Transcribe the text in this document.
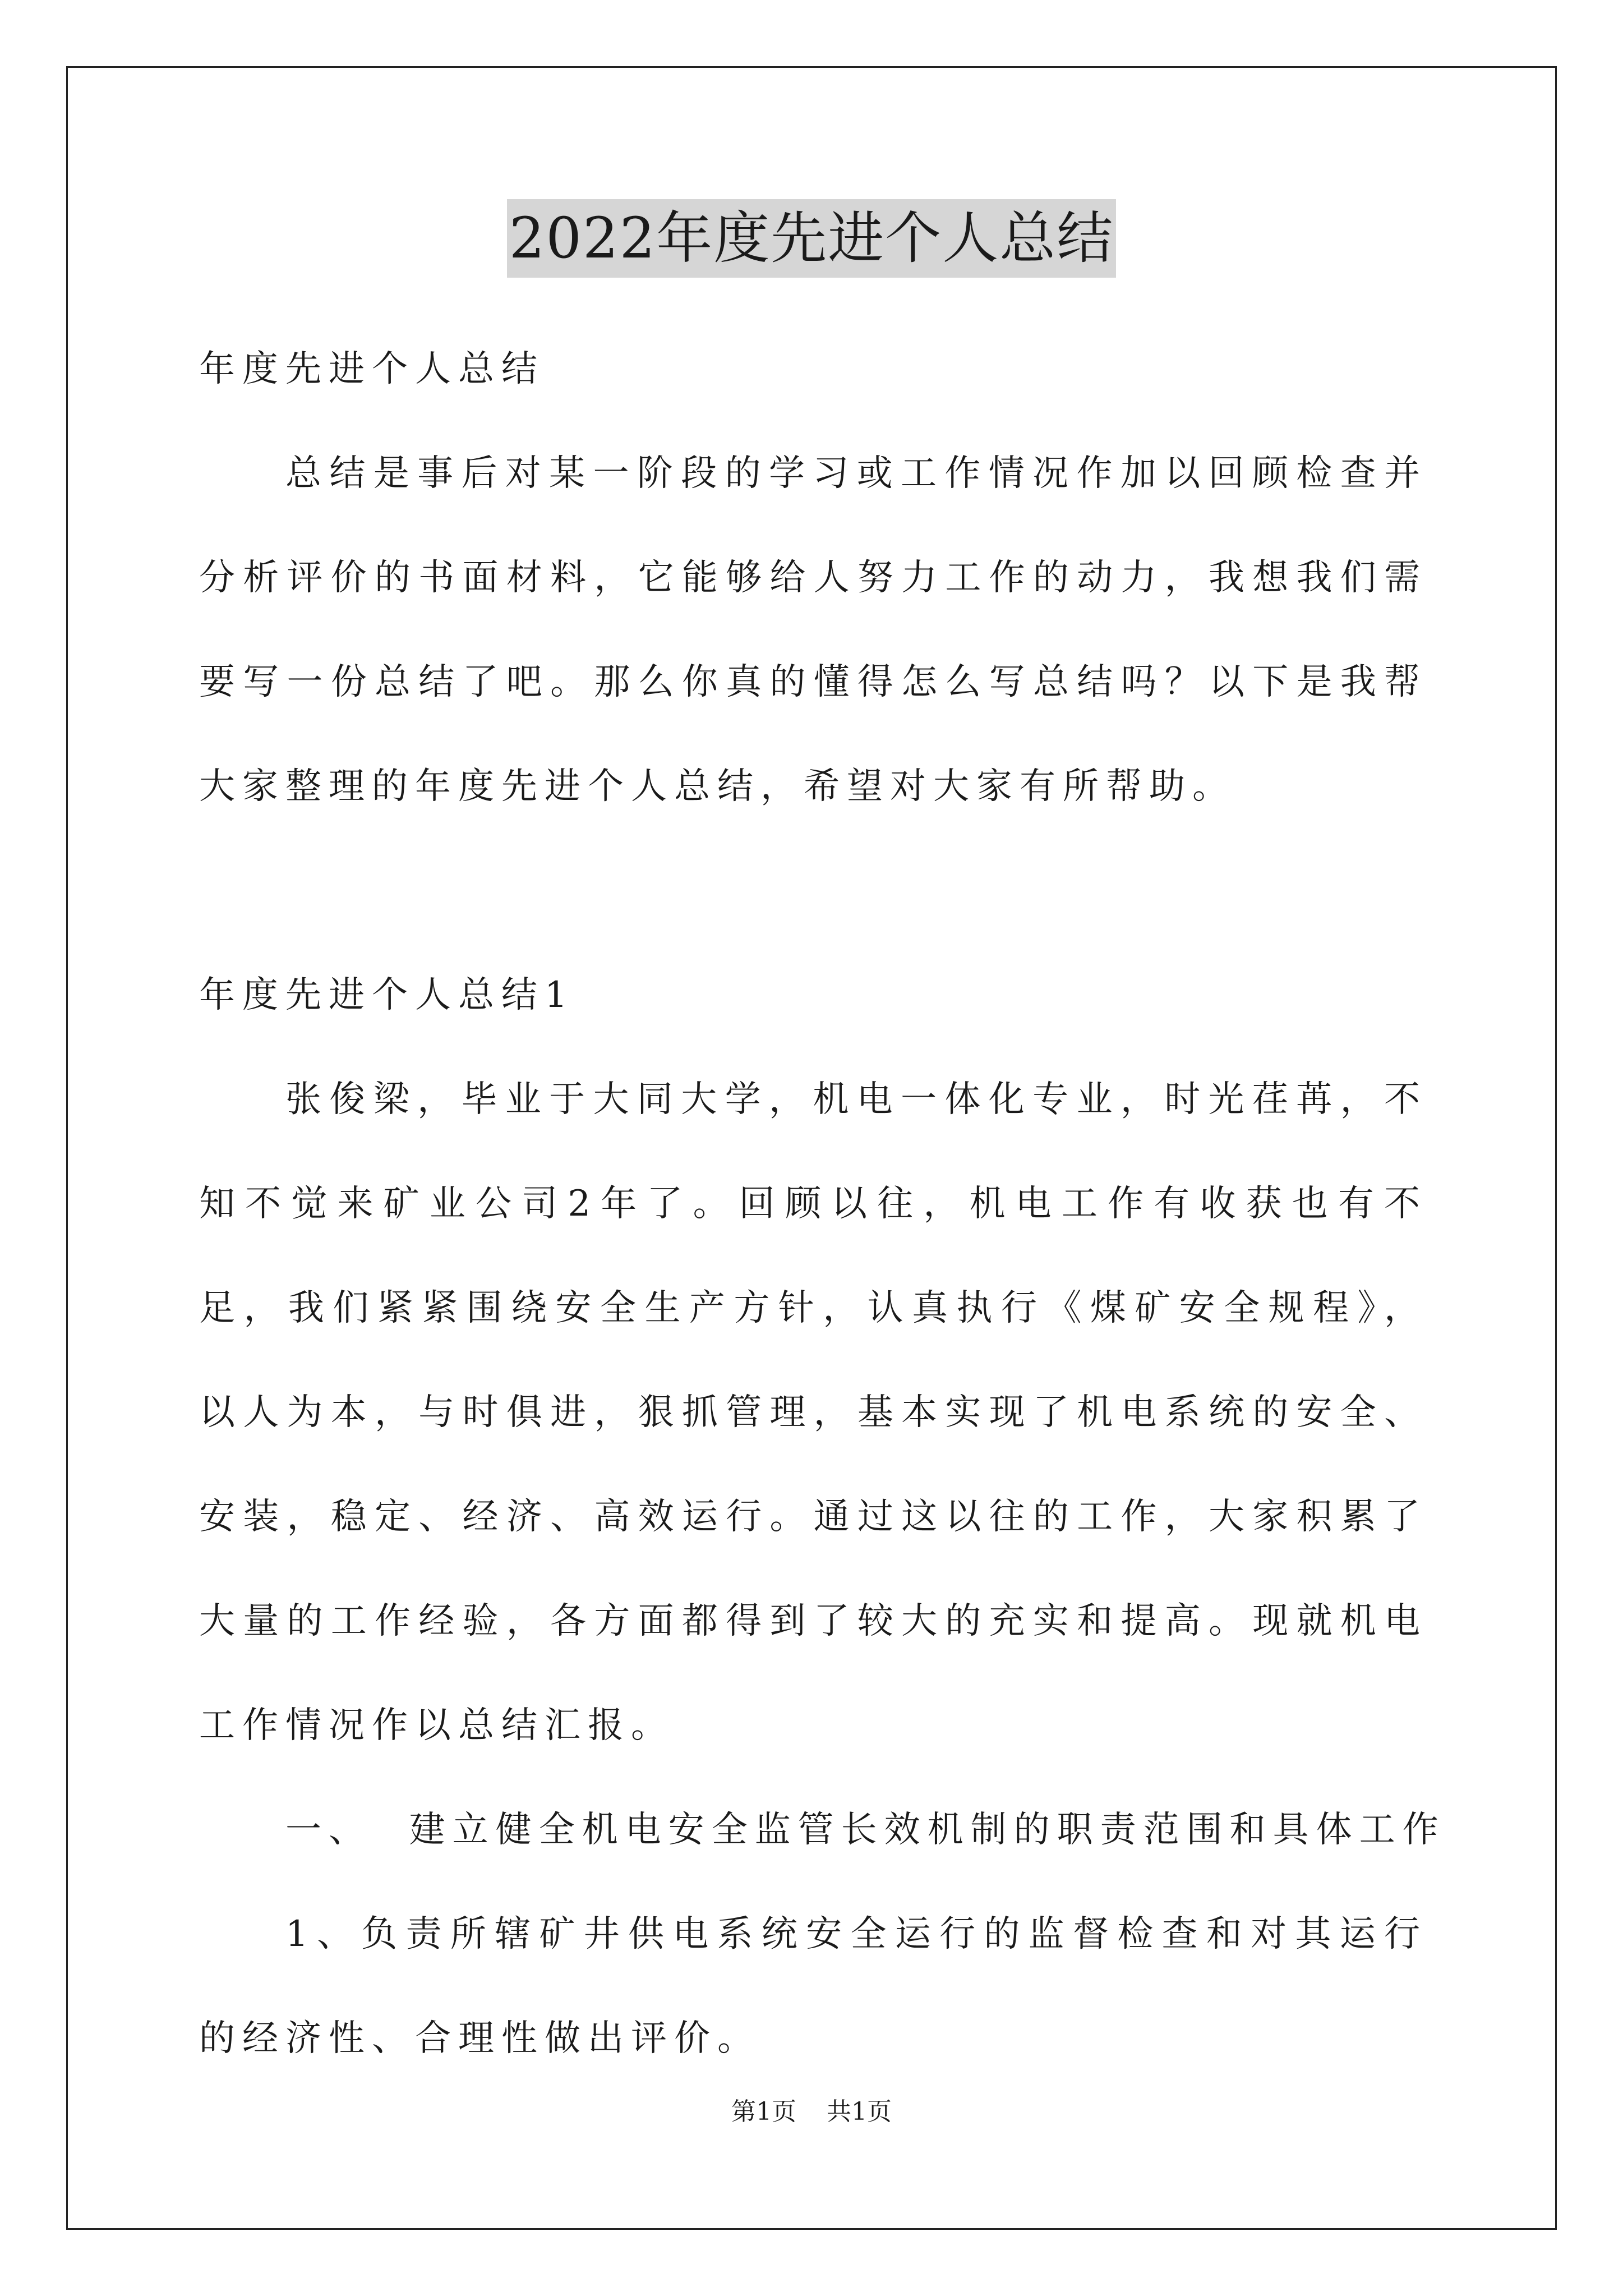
2022年度先进个人总结
年度先进个人总结

总结是事后对某一阶段的学习或工作情况作加以回顾检查并分析评价的书面材料，它能够给人努力工作的动力，我想我们需要写一份总结了吧。那么你真的懂得怎么写总结吗？以下是我帮大家整理的年度先进个人总结，希望对大家有所帮助。

年度先进个人总结1

张俊梁，毕业于大同大学，机电一体化专业，时光荏苒，不知不觉来矿业公司2年了。回顾以往，机电工作有收获也有不足，我们紧紧围绕安全生产方针，认真执行《煤矿安全规程》，以人为本，与时俱进，狠抓管理，基本实现了机电系统的安全、安装，稳定、经济、高效运行。通过这以往的工作，大家积累了大量的工作经验，各方面都得到了较大的充实和提高。现就机电工作情况作以总结汇报。

一、  建立健全机电安全监管长效机制的职责范围和具体工作

1、负责所辖矿井供电系统安全运行的监督检查和对其运行的经济性、合理性做出评价。

第1页 共1页
